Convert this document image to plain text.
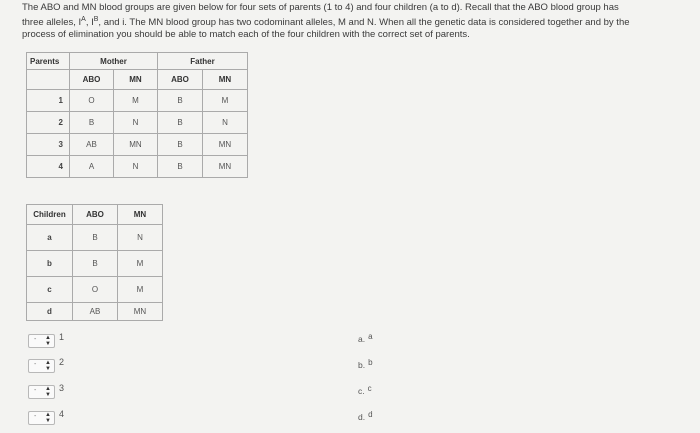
The ABO and MN blood groups are given below for four sets of parents (1 to 4) and four children (a to d). Recall that the ABO blood group has
three alleles, $I^A$, $I^B$, and i. The MN blood group has two codominant alleles, M and N. When all the genetic data is considered together and by the
process of elimination you should be able to match each of the four children with the correct set of parents.
Parents	Mother		Father	
	ABO	MN	ABO	MN
1	O	M	B	M
2	B	N	B	N
3	AB	MN	B	MN
4	A	N	B	MN
Children	ABO	MN
a	B	N
b	B	M
c	O	M
d	AB	MN
- ▲
▼
1
- ▲
▼
2
- ▲
▼
3
- ▲
▼
4
a. $^a$
b. $^b$
c. $^c$
d. $^d$
